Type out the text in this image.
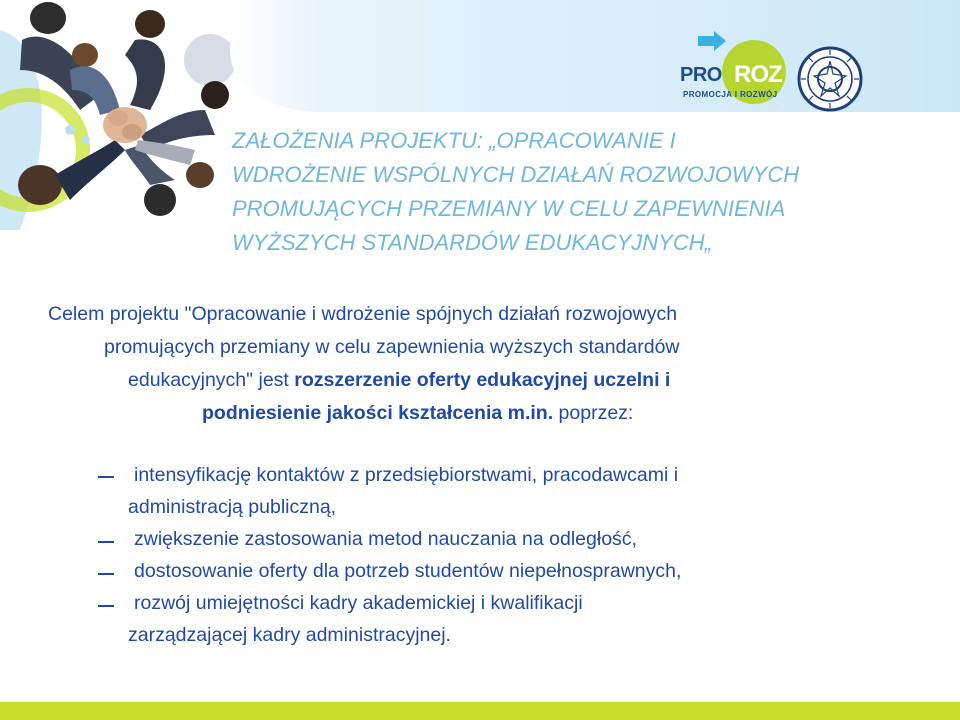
PRO ROZ
PROMOCJA I ROZWÓJ
ZAŁOŻENIA PROJEKTU: „OPRACOWANIE I
WDROŻENIE WSPÓLNYCH DZIAŁAŃ ROZWOJOWYCH
PROMUJĄCYCH PRZEMIANY W CELU ZAPEWNIENIA
WYŻSZYCH STANDARDÓW EDUKACYJNYCH„
Celem projektu "Opracowanie i wdrożenie spójnych działań rozwojowych
promujących przemiany w celu zapewnienia wyższych standardów
edukacyjnych" jest rozszerzenie oferty edukacyjnej uczelni i
podniesienie jakości kształcenia m.in. poprzez:
intensyfikację kontaktów z przedsiębiorstwami, pracodawcami i
administracją publiczną,
zwiększenie zastosowania metod nauczania na odległość,
dostosowanie oferty dla potrzeb studentów niepełnosprawnych,
rozwój umiejętności kadry akademickiej i kwalifikacji
zarządzającej kadry administracyjnej.
